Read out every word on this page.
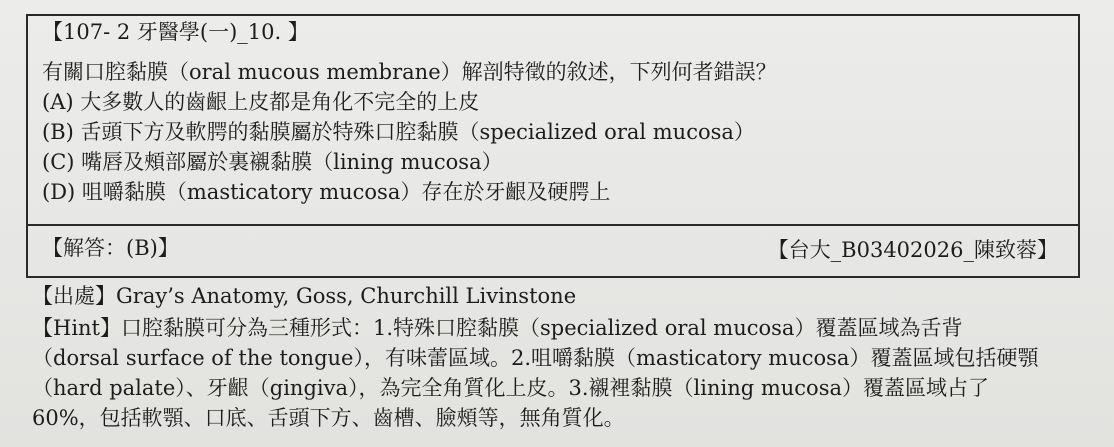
【107- 2 牙醫學(一)_10. 】
有關口腔黏膜（oral mucous membrane）解剖特徵的敘述，下列何者錯誤？
(A) 大多數人的齒齦上皮都是角化不完全的上皮
(B) 舌頭下方及軟腭的黏膜屬於特殊口腔黏膜（specialized oral mucosa）
(C) 嘴唇及頰部屬於裏襯黏膜（lining mucosa）
(D) 咀嚼黏膜（masticatory mucosa）存在於牙齦及硬腭上
【解答：(B)】	【台大_B03402026_陳致蓉】
【出處】Gray’s Anatomy, Goss, Churchill Livinstone
【Hint】口腔黏膜可分為三種形式：1.特殊口腔黏膜（specialized oral mucosa）覆蓋區域為舌背
（dorsal surface of the tongue），有味蕾區域。2.咀嚼黏膜（masticatory mucosa）覆蓋區域包括硬顎
（hard palate）、牙齦（gingiva），為完全角質化上皮。3.襯裡黏膜（lining mucosa）覆蓋區域占了
60%，包括軟顎、口底、舌頭下方、齒槽、臉頰等，無角質化。
